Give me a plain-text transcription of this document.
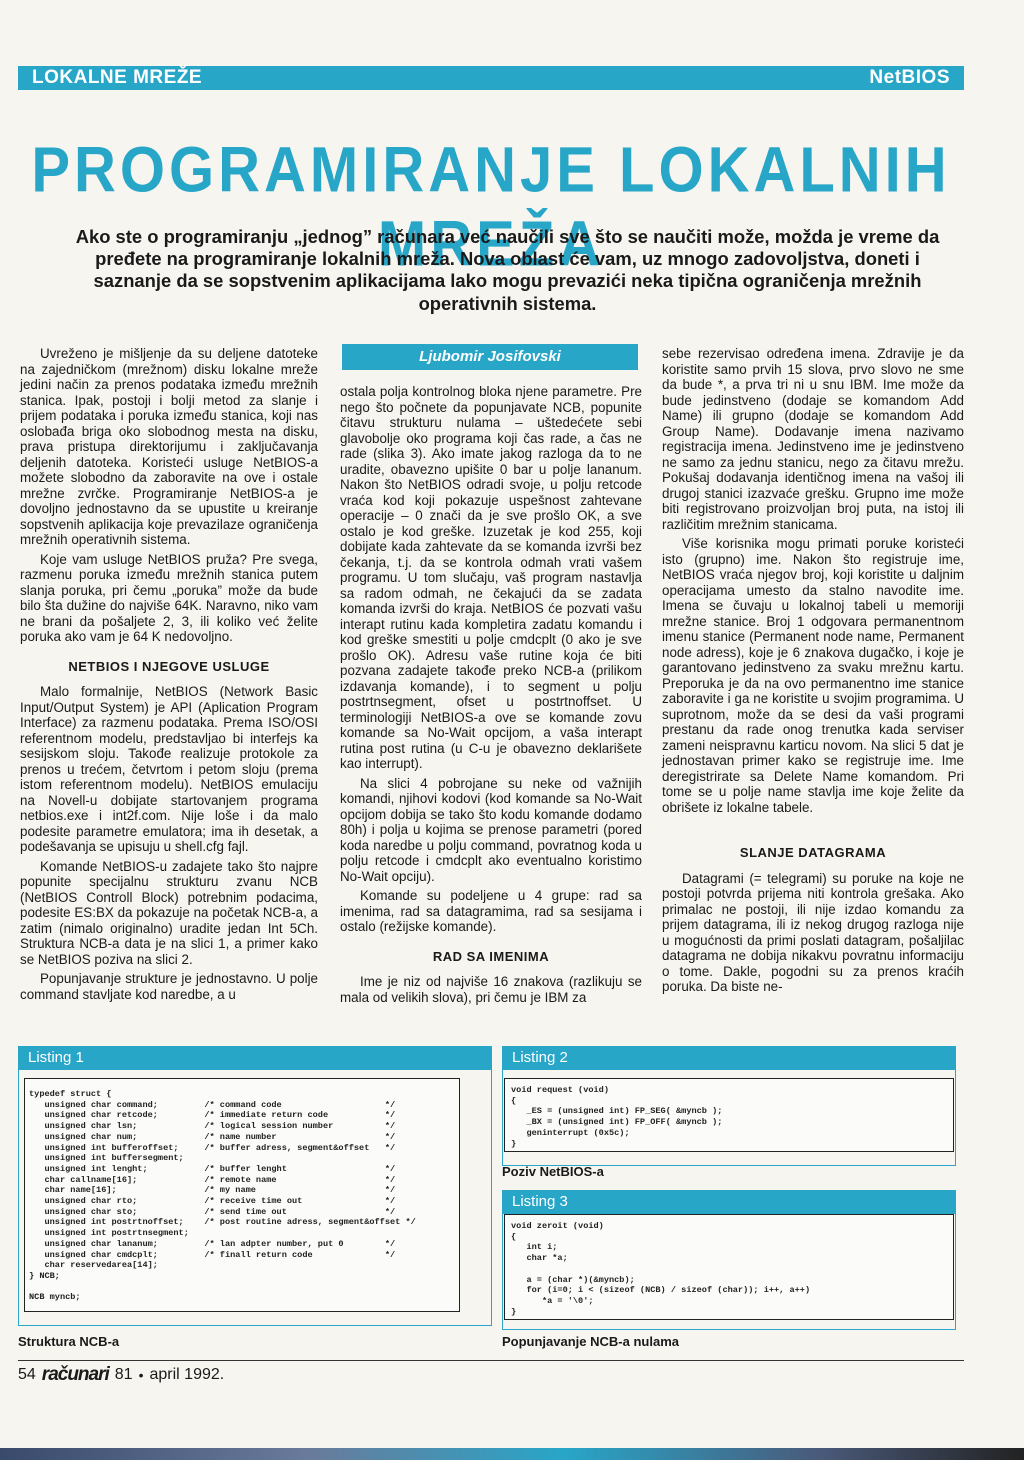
LOKALNE MREŽE	NetBIOS
PROGRAMIRANJE LOKALNIH MREŽA
Ako ste o programiranju „jednog” računara već naučili sve što se naučiti može, možda je vreme da pređete na programiranje lokalnih mreža. Nova oblast će vam, uz mnogo zadovoljstva, doneti i saznanje da se sopstvenim aplikacijama lako mogu prevazići neka tipična ograničenja mrežnih operativnih sistema.

Uvreženo je mišljenje da su deljene datoteke na zajedničkom (mrežnom) disku lokalne mreže jedini način za prenos podataka između mrežnih stanica. Ipak, postoji i bolji metod za slanje i prijem podataka i poruka između stanica, koji nas oslobađa briga oko slobodnog mesta na disku, prava pristupa direktorijumu i zaključavanja deljenih datoteka. Koristeći usluge NetBIOS-a možete slobodno da zaboravite na ove i ostale mrežne zvrčke. Programiranje NetBIOS-a je dovoljno jednostavno da se upustite u kreiranje sopstvenih aplikacija koje prevazilaze ograničenja mrežnih operativnih sistema.

Koje vam usluge NetBIOS pruža? Pre svega, razmenu poruka između mrežnih stanica putem slanja poruka, pri čemu „poruka” može da bude bilo šta dužine do najviše 64K. Naravno, niko vam ne brani da pošaljete 2, 3, ili koliko već želite poruka ako vam je 64 K nedovoljno.

NETBIOS I NJEGOVE USLUGE

Malo formalnije, NetBIOS (Network Basic Input/Output System) je API (Aplication Program Interface) za razmenu podataka. Prema ISO/OSI referentnom modelu, predstavljao bi interfejs ka sesijskom sloju. Takođe realizuje protokole za prenos u trećem, četvrtom i petom sloju (prema istom referentnom modelu). NetBIOS emulaciju na Novell-u dobijate startovanjem programa netbios.exe i int2f.com. Nije loše i da malo podesite parametre emulatora; ima ih desetak, a podešavanja se upisuju u shell.cfg fajl.

Komande NetBIOS-u zadajete tako što najpre popunite specijalnu strukturu zvanu NCB (NetBIOS Controll Block) potrebnim podacima, podesite ES:BX da pokazuje na početak NCB-a, a zatim (nimalo originalno) uradite jedan Int 5Ch. Struktura NCB-a data je na slici 1, a primer kako se NetBIOS poziva na slici 2.

Popunjavanje strukture je jednostavno. U polje command stavljate kod naredbe, a u

Ljubomir Josifovski

ostala polja kontrolnog bloka njene parametre. Pre nego što počnete da popunjavate NCB, popunite čitavu strukturu nulama – uštedećete sebi glavobolje oko programa koji čas rade, a čas ne rade (slika 3). Ako imate jakog razloga da to ne uradite, obavezno upišite 0 bar u polje lananum. Nakon što NetBIOS odradi svoje, u polju retcode vraća kod koji pokazuje uspešnost zahtevane operacije – 0 znači da je sve prošlo OK, a sve ostalo je kod greške. Izuzetak je kod 255, koji dobijate kada zahtevate da se komanda izvrši bez čekanja, t.j. da se kontrola odmah vrati vašem programu. U tom slučaju, vaš program nastavlja sa radom odmah, ne čekajući da se zadata komanda izvrši do kraja. NetBIOS će pozvati vašu interapt rutinu kada kompletira zadatu komandu i kod greške smestiti u polje cmdcplt (0 ako je sve prošlo OK). Adresu vaše rutine koja će biti pozvana zadajete takođe preko NCB-a (prilikom izdavanja komande), i to segment u polju postrtnsegment, ofset u postrtnoffset. U terminologiji NetBIOS-a ove se komande zovu komande sa No-Wait opcijom, a vaša interapt rutina post rutina (u C-u je obavezno deklarišete kao interrupt).

Na slici 4 pobrojane su neke od važnijih komandi, njihovi kodovi (kod komande sa No-Wait opcijom dobija se tako što kodu komande dodamo 80h) i polja u kojima se prenose parametri (pored koda naredbe u polju command, povratnog koda u polju retcode i cmdcplt ako eventualno koristimo No-Wait opciju).

Komande su podeljene u 4 grupe: rad sa imenima, rad sa datagramima, rad sa sesijama i ostalo (režijske komande).

RAD SA IMENIMA

Ime je niz od najviše 16 znakova (razlikuju se mala od velikih slova), pri čemu je IBM za

sebe rezervisao određena imena. Zdravije je da koristite samo prvih 15 slova, prvo slovo ne sme da bude *, a prva tri ni u snu IBM. Ime može da bude jedinstveno (dodaje se komandom Add Name) ili grupno (dodaje se komandom Add Group Name). Dodavanje imena nazivamo registracija imena. Jedinstveno ime je jedinstveno ne samo za jednu stanicu, nego za čitavu mrežu. Pokušaj dodavanja identičnog imena na vašoj ili drugoj stanici izazvaće grešku. Grupno ime može biti registrovano proizvoljan broj puta, na istoj ili različitim mrežnim stanicama.

Više korisnika mogu primati poruke koristeći isto (grupno) ime. Nakon što registruje ime, NetBIOS vraća njegov broj, koji koristite u daljnim operacijama umesto da stalno navodite ime. Imena se čuvaju u lokalnoj tabeli u memoriji mrežne stanice. Broj 1 odgovara permanentnom imenu stanice (Permanent node name, Permanent node adress), koje je 6 znakova dugačko, i koje je garantovano jedinstveno za svaku mrežnu kartu. Preporuka je da na ovo permanentno ime stanice zaboravite i ga ne koristite u svojim programima. U suprotnom, može da se desi da vaši programi prestanu da rade onog trenutka kada serviser zameni neispravnu karticu novom. Na slici 5 dat je jednostavan primer kako se registruje ime. Ime deregistrirate sa Delete Name komandom. Pri tome se u polje name stavlja ime koje želite da obrišete iz lokalne tabele.

SLANJE DATAGRAMA

Datagrami (= telegrami) su poruke na koje ne postoji potvrda prijema niti kontrola grešaka. Ako primalac ne postoji, ili nije izdao komandu za prijem datagrama, ili iz nekog drugog razloga nije u mogućnosti da primi poslati datagram, pošaljilac datagrama ne dobija nikakvu povratnu informaciju o tome. Dakle, pogodni su za prenos kraćih poruka. Da biste ne-

Listing 1
typedef struct {
unsigned char command;         /* command code                    */
unsigned char retcode;         /* immediate return code           */
unsigned char lsn;             /* logical session number          */
unsigned char num;             /* name number                     */
unsigned int bufferoffset;     /* buffer adress, segment&offset   */
unsigned int buffersegment;
unsigned int lenght;           /* buffer lenght                   */
char callname[16];             /* remote name                     */
char name[16];                 /* my name                         */
unsigned char rto;             /* receive time out                */
unsigned char sto;             /* send time out                   */
unsigned int postrtnoffset;    /* post routine adress, segment&offset */
unsigned int postrtnsegment;
unsigned char lananum;         /* lan adpter number, put 0        */
unsigned char cmdcplt;         /* finall return code              */
char reservedarea[14];
} NCB;

NCB myncb;
Struktura NCB-a
Listing 2
void request (void)
{
_ES = (unsigned int) FP_SEG( &myncb );
_BX = (unsigned int) FP_OFF( &myncb );
geninterrupt (0x5c);
}
Poziv NetBIOS-a
Listing 3
void zeroit (void)
{
int i;
char *a;

a = (char *)(&myncb);
for (i=0; i < (sizeof (NCB) / sizeof (char)); i++, a++)
*a = '\0';
}
Popunjavanje NCB-a nulama
54 računari 81 • april 1992.
